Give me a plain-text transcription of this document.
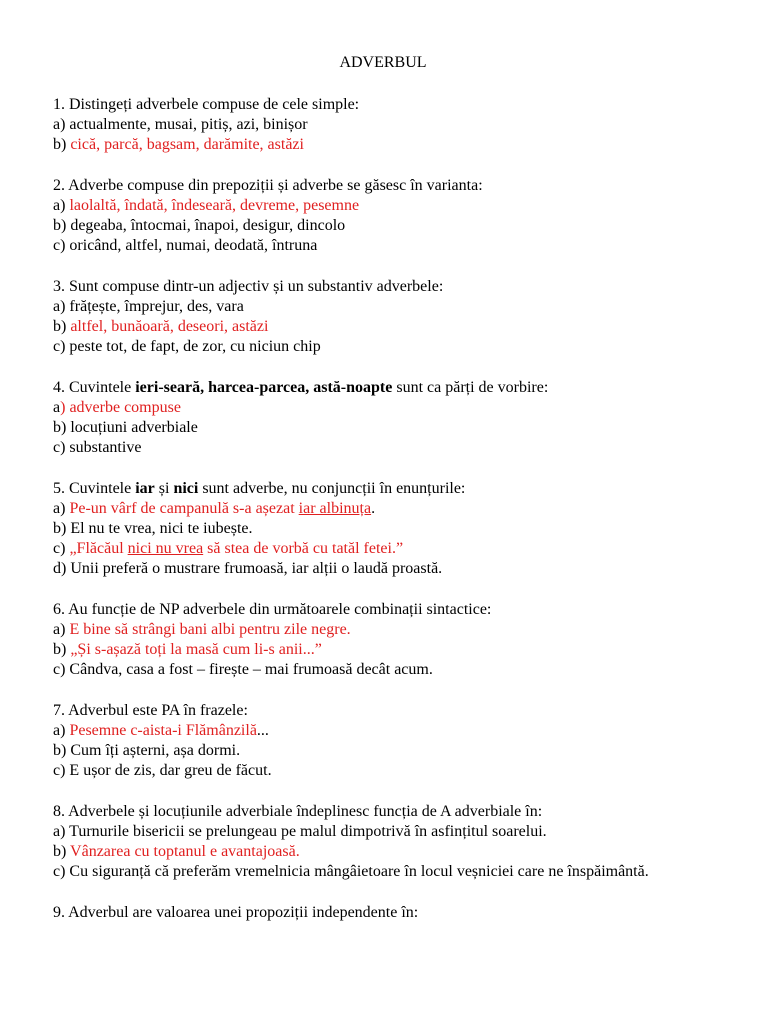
ADVERBUL
1. Distingeți adverbele compuse de cele simple:
a) actualmente, musai, pitiș, azi, binișor
b) cică, parcă, bagsam, darămite, astăzi
2. Adverbe compuse din prepoziții și adverbe se găsesc în varianta:
a) laolaltă, îndată, îndeseară, devreme, pesemne
b) degeaba, întocmai, înapoi, desigur, dincolo
c) oricând, altfel, numai, deodată, întruna
3. Sunt compuse dintr-un adjectiv și un substantiv adverbele:
a) frățește, împrejur, des, vara
b) altfel, bunăoară, deseori, astăzi
c) peste tot, de fapt, de zor, cu niciun chip
4. Cuvintele ieri-seară, harcea-parcea, astă-noapte sunt ca părți de vorbire:
a) adverbe compuse
b) locuțiuni adverbiale
c) substantive
5. Cuvintele iar și nici sunt adverbe, nu conjuncții în enunțurile:
a) Pe-un vârf de campanulă s-a așezat iar albinuța.
b) El nu te vrea, nici te iubește.
c) „Flăcăul nici nu vrea să stea de vorbă cu tatăl fetei.”
d) Unii preferă o mustrare frumoasă, iar alții o laudă proastă.
6. Au funcție de NP adverbele din următoarele combinații sintactice:
a) E bine să strângi bani albi pentru zile negre.
b) „Și s-așază toți la masă cum li-s anii...”
c) Cândva, casa a fost – firește – mai frumoasă decât acum.
7. Adverbul este PA în frazele:
a) Pesemne c-aista-i Flămânzilă...
b) Cum îți așterni, așa dormi.
c) E ușor de zis, dar greu de făcut.
8. Adverbele și locuțiunile adverbiale îndeplinesc funcția de A adverbiale în:
a) Turnurile bisericii se prelungeau pe malul dimpotrivă în asfințitul soarelui.
b) Vânzarea cu toptanul e avantajoasă.
c) Cu siguranță că preferăm vremelnicia mângâietoare în locul veșniciei care ne înspăimântă.
9. Adverbul are valoarea unei propoziții independente în:
